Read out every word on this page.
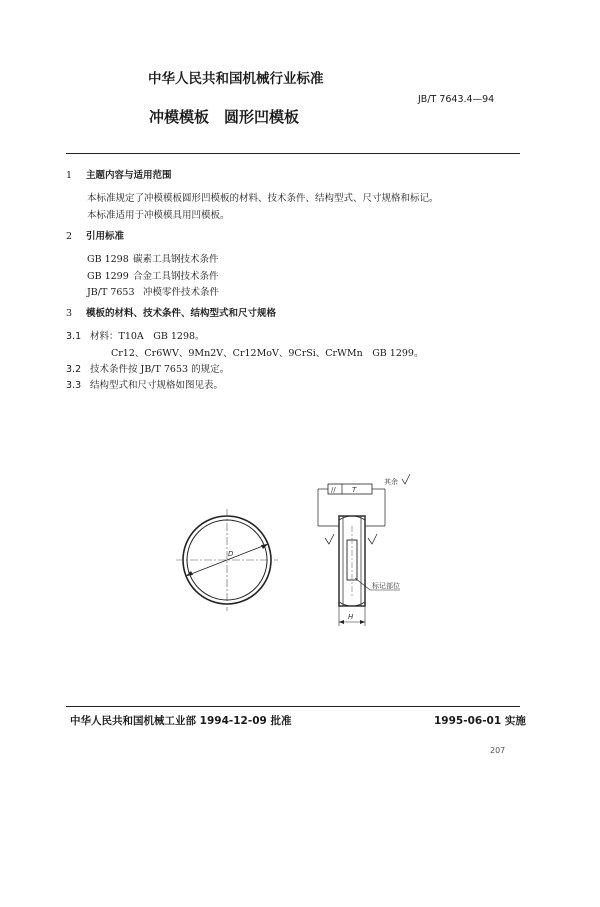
中华人民共和国机械行业标准
JB/T 7643.4—94
冲模模板　圆形凹模板
1 主题内容与适用范围
本标准规定了冲模模板圆形凹模板的材料、技术条件、结构型式、尺寸规格和标记。
本标准适用于冲模模具用凹模板。
2 引用标准
GB 1298 碳素工具钢技术条件
GB 1299 合金工具钢技术条件
JB/T 7653 冲模零件技术条件
3 模板的材料、技术条件、结构型式和尺寸规格
3.1 材料：T10A　GB 1298。
Cr12、Cr6WV、9Mn2V、Cr12MoV、9CrSi、CrWMn　GB 1299。
3.2 技术条件按 JB/T 7653 的规定。
3.3 结构型式和尺寸规格如图见表。
D
// T
其余
标记部位
H
中华人民共和国机械工业部 1994-12-09 批准	1995-06-01 实施
207
